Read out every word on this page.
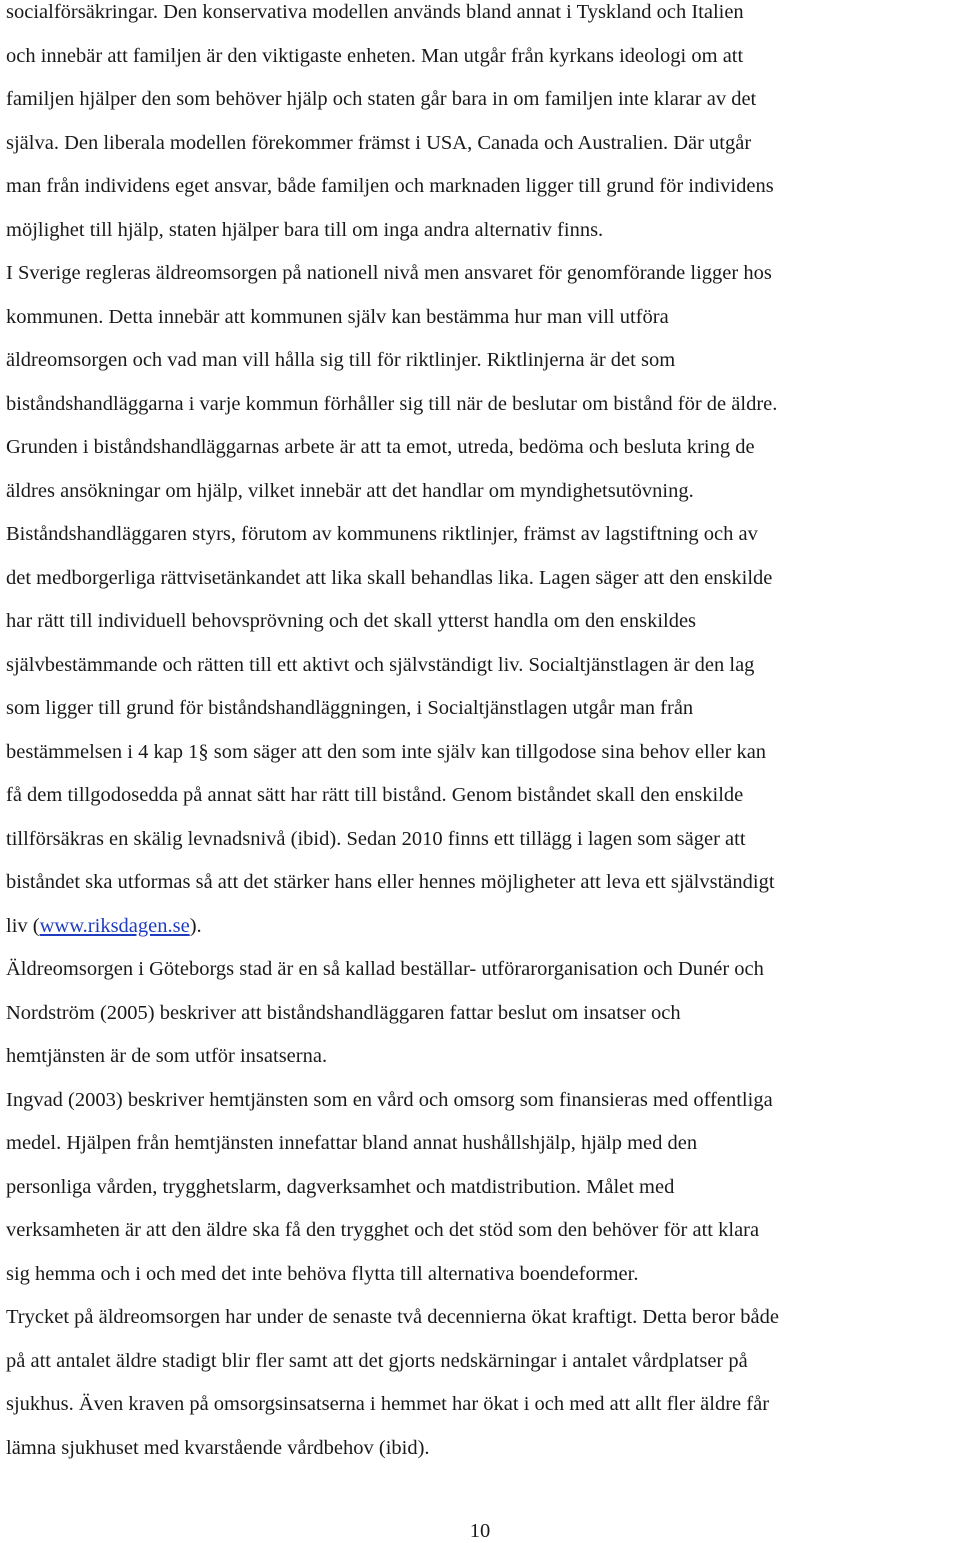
socialförsäkringar. Den konservativa modellen används bland annat i Tyskland och Italien
och innebär att familjen är den viktigaste enheten. Man utgår från kyrkans ideologi om att
familjen hjälper den som behöver hjälp och staten går bara in om familjen inte klarar av det
själva. Den liberala modellen förekommer främst i USA, Canada och Australien. Där utgår
man från individens eget ansvar, både familjen och marknaden ligger till grund för individens
möjlighet till hjälp, staten hjälper bara till om inga andra alternativ finns.
I Sverige regleras äldreomsorgen på nationell nivå men ansvaret för genomförande ligger hos
kommunen. Detta innebär att kommunen själv kan bestämma hur man vill utföra
äldreomsorgen och vad man vill hålla sig till för riktlinjer. Riktlinjerna är det som
biståndshandläggarna i varje kommun förhåller sig till när de beslutar om bistånd för de äldre.
Grunden i biståndshandläggarnas arbete är att ta emot, utreda, bedöma och besluta kring de
äldres ansökningar om hjälp, vilket innebär att det handlar om myndighetsutövning.
Biståndshandläggaren styrs, förutom av kommunens riktlinjer, främst av lagstiftning och av
det medborgerliga rättvisetänkandet att lika skall behandlas lika. Lagen säger att den enskilde
har rätt till individuell behovsprövning och det skall ytterst handla om den enskildes
självbestämmande och rätten till ett aktivt och självständigt liv. Socialtjänstlagen är den lag
som ligger till grund för biståndshandläggningen, i Socialtjänstlagen utgår man från
bestämmelsen i 4 kap 1§ som säger att den som inte själv kan tillgodose sina behov eller kan
få dem tillgodosedda på annat sätt har rätt till bistånd. Genom biståndet skall den enskilde
tillförsäkras en skälig levnadsnivå (ibid). Sedan 2010 finns ett tillägg i lagen som säger att
biståndet ska utformas så att det stärker hans eller hennes möjligheter att leva ett självständigt
liv (www.riksdagen.se).
Äldreomsorgen i Göteborgs stad är en så kallad beställar- utförarorganisation och Dunér och
Nordström (2005) beskriver att biståndshandläggaren fattar beslut om insatser och
hemtjänsten är de som utför insatserna.
Ingvad (2003) beskriver hemtjänsten som en vård och omsorg som finansieras med offentliga
medel. Hjälpen från hemtjänsten innefattar bland annat hushållshjälp, hjälp med den
personliga vården, trygghetslarm, dagverksamhet och matdistribution. Målet med
verksamheten är att den äldre ska få den trygghet och det stöd som den behöver för att klara
sig hemma och i och med det inte behöva flytta till alternativa boendeformer.
Trycket på äldreomsorgen har under de senaste två decennierna ökat kraftigt. Detta beror både
på att antalet äldre stadigt blir fler samt att det gjorts nedskärningar i antalet vårdplatser på
sjukhus. Även kraven på omsorgsinsatserna i hemmet har ökat i och med att allt fler äldre får
lämna sjukhuset med kvarstående vårdbehov (ibid).
10
